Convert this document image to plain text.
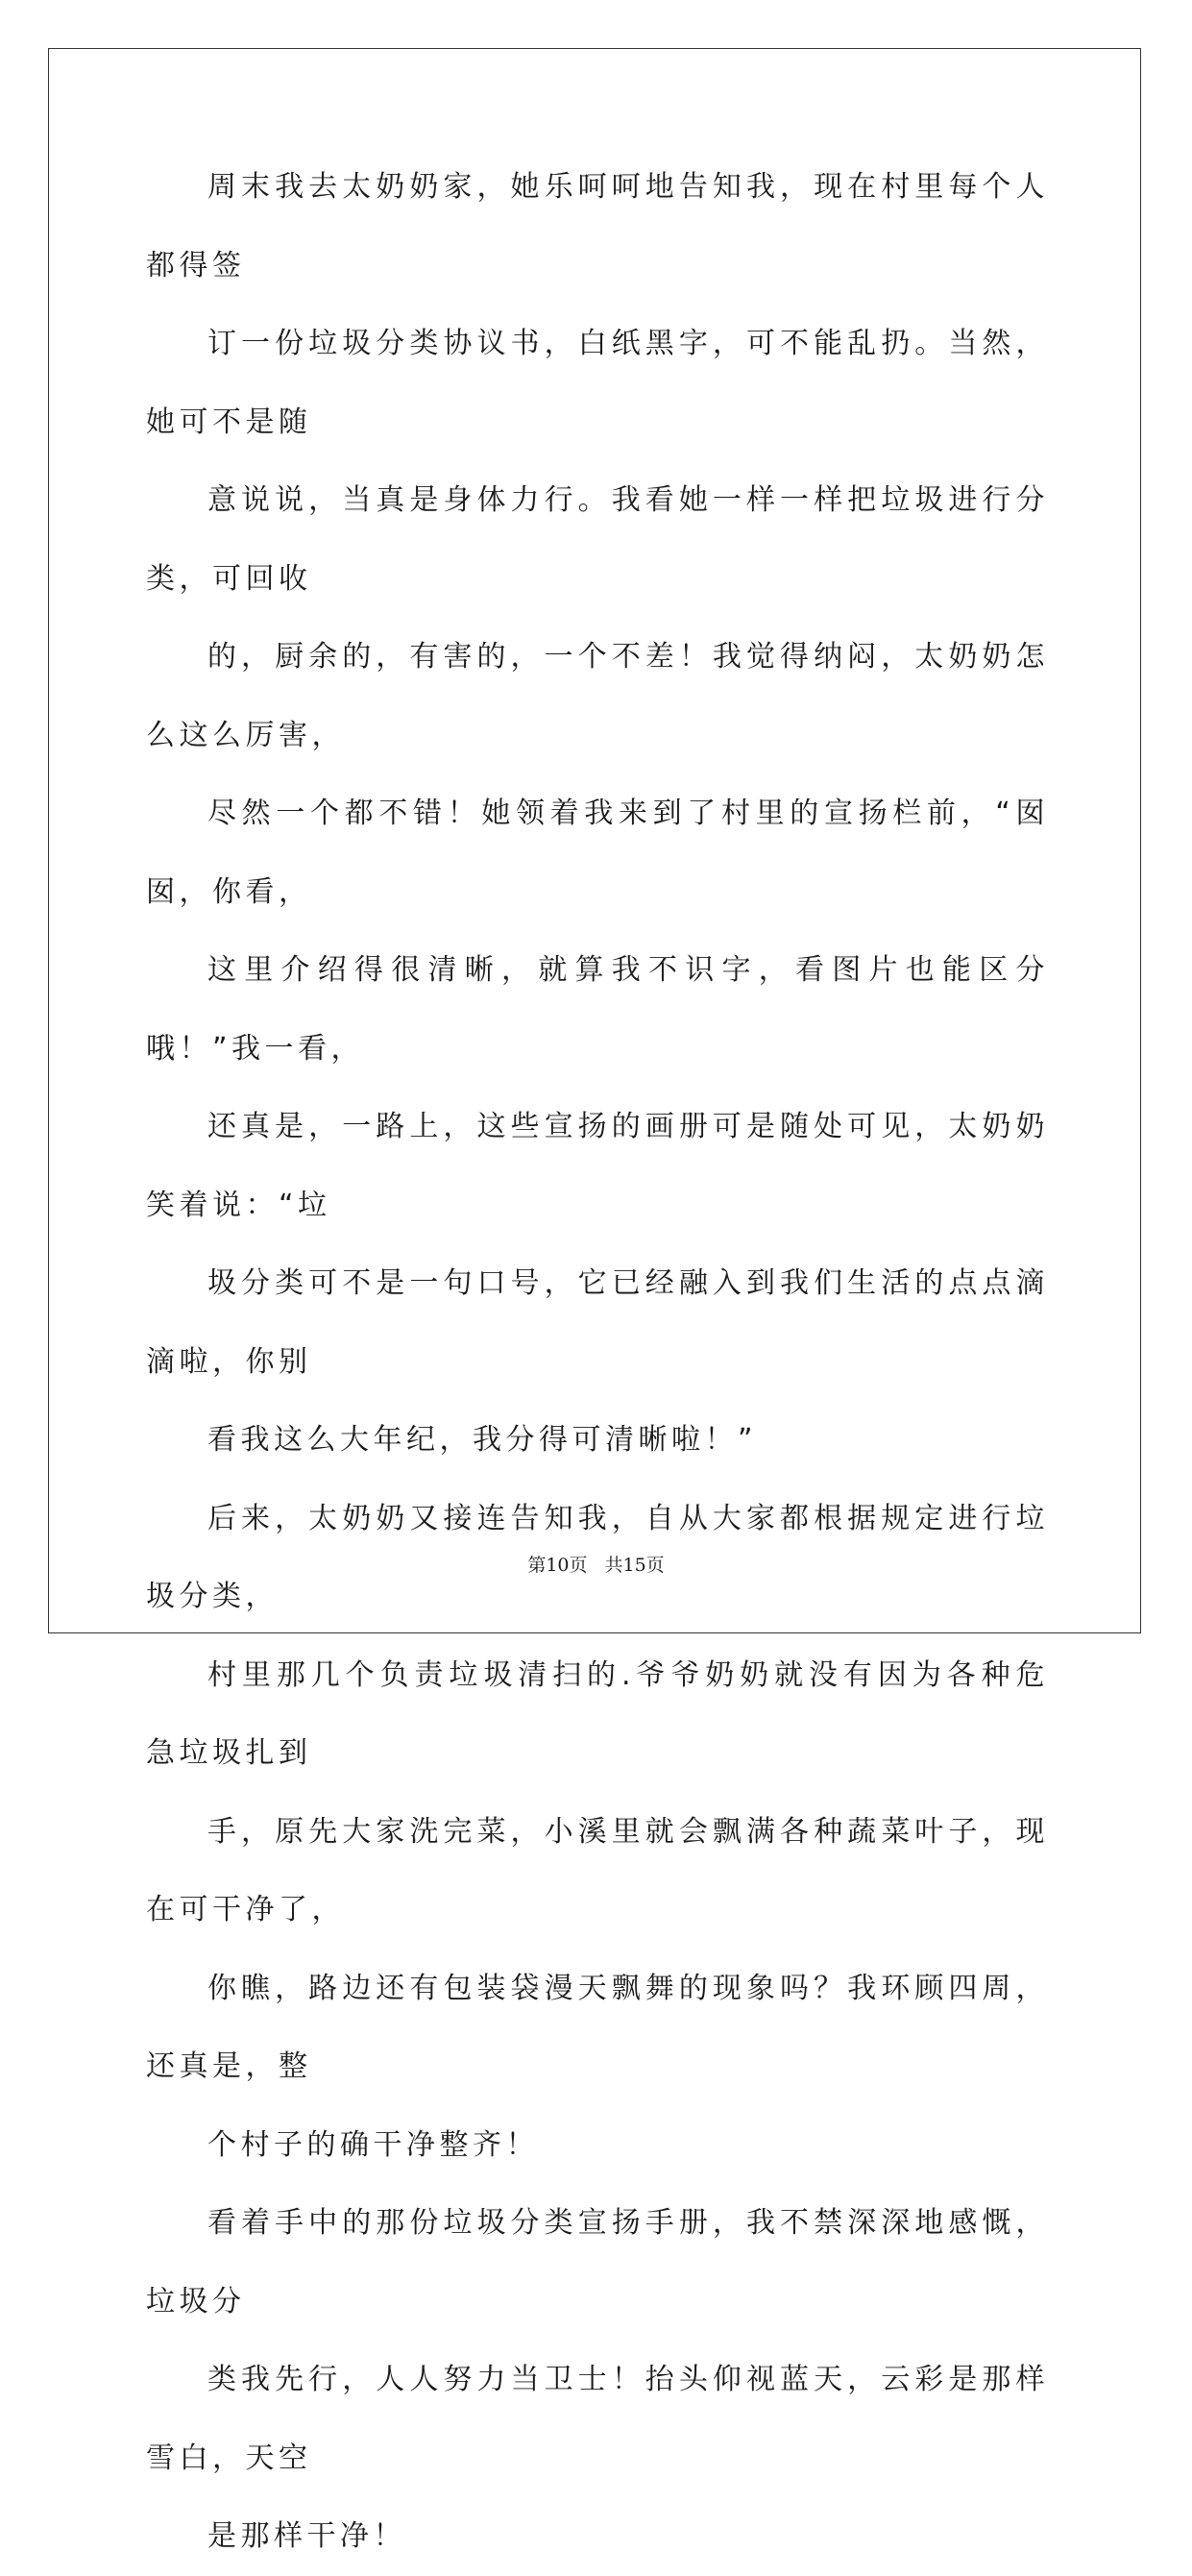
周末我去太奶奶家，她乐呵呵地告知我，现在村里每个人都得签
订一份垃圾分类协议书，白纸黑字，可不能乱扔。当然，她可不是随
意说说，当真是身体力行。我看她一样一样把垃圾进行分类，可回收
的，厨余的，有害的，一个不差！我觉得纳闷，太奶奶怎么这么厉害，
尽然一个都不错！她领着我来到了村里的宣扬栏前，“囡囡，你看，
这里介绍得很清晰，就算我不识字，看图片也能区分哦！”我一看，
还真是，一路上，这些宣扬的画册可是随处可见，太奶奶笑着说：“垃
圾分类可不是一句口号，它已经融入到我们生活的点点滴滴啦，你别
看我这么大年纪，我分得可清晰啦！”

后来，太奶奶又接连告知我，自从大家都根据规定进行垃圾分类，
村里那几个负责垃圾清扫的.爷爷奶奶就没有因为各种危急垃圾扎到
手，原先大家洗完菜，小溪里就会飘满各种蔬菜叶子，现在可干净了，
你瞧，路边还有包装袋漫天飘舞的现象吗？我环顾四周，还真是，整
个村子的确干净整齐！

看着手中的那份垃圾分类宣扬手册，我不禁深深地感慨，垃圾分
类我先行，人人努力当卫士！抬头仰视蓝天，云彩是那样雪白，天空
是那样干净！

第10页 共15页
